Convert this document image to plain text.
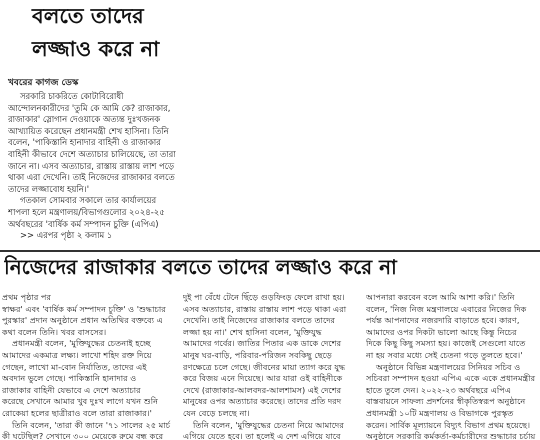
বলতে তাদের
লজ্জাও করে না
খবরের কাগজ ডেস্ক
সরকারি চাকরিতে কোটাবিরোধী
আন্দোলনকারীদের 'তুমি কে আমি কে? রাজাকার,
রাজাকার' স্লোগান দেওয়াকে অত্যন্ত দুঃখজনক
আখ্যায়িত করেছেন প্রধানমন্ত্রী শেখ হাসিনা। তিনি
বলেন, 'পাকিস্তানি হানাদার বাহিনী ও রাজাকার
বাহিনী কীভাবে দেশে অত্যাচার চালিয়েছে, তা তারা
জানে না। এসব অত্যাচার, রাস্তায় রাস্তায় লাশ পড়ে
থাকা এরা দেখেনি। তাই নিজেদের রাজাকার বলতে
তাদের লজ্জাবোধ হয়নি।'
গতকাল সোমবার সকালে তার কার্যালয়ের
শাপলা হলে মন্ত্রণালয়/বিভাগগুলোর ২০২৪-২৫
অর্থবছরের 'বার্ষিক কর্ম সম্পাদন চুক্তি (এপিএ)
>> এরপর পৃষ্ঠা ২ কলাম ১
নিজেদের রাজাকার বলতে তাদের লজ্জাও করে না
প্রথম পৃষ্ঠার পর
স্বাক্ষর' এবং 'বার্ষিক কর্ম সম্পাদন চুক্তি' ও 'শুদ্ধাচার
পুরস্কার' প্রদান অনুষ্ঠানে প্রধান অতিথির বক্তব্যে এ
কথা বলেন তিনি। খবর বাসসের।
প্রধানমন্ত্রী বলেন, 'মুক্তিযুদ্ধের চেতনাই হচ্ছে
আমাদের একমাত্র লক্ষ্য। লাখো শহিদ রক্ত দিয়ে
গেছেন, লাখো মা-বোন নির্যাতিত, তাদের এই
অবদান ভুলে গেছে। পাকিস্তানি হানাদার ও
রাজাকার বাহিনী যেভাবে এ দেশে অত্যাচার
করেছে সেখানে আমার খুব দুঃখ লাগে যখন শুনি
রোকেয়া হলের ছাত্রীরাও বলে তারা রাজাকার।'
তিনি বলেন, 'তারা কী জানে '৭১ সালের ২৫ মার্চ
কী ঘটেছিল? সেখানে ৩০০ মেয়েকে রুমে বন্ধ করে
দুই পা বেঁধে টেনে ছিঁড়ে গুড়ফিংড় ফেলে রাখা হয়।
এসব অত্যাচার, রাস্তায় রাস্তায় লাশ পড়ে থাকা এরা
দেখেনি। তাই নিজেদের রাজাকার বলতে তাদের
লজ্জা হয় না।' শেখ হাসিনা বলেন, 'মুক্তিযুদ্ধ
আমাদের গর্বের। জাতির পিতার এক ডাকে দেশের
মানুষ ঘর-বাড়ি, পরিবার-পরিজন সবকিছু ছেড়ে
রণক্ষেত্রে চলে গেছে। জীবনের মায়া ত্যাগ করে যুদ্ধ
করে বিজয় এনে দিয়েছে। আর যারা ওই বাহিনীকে
দেখে (রাজাকার-আলবদর-আলশামস) এই দেশের
মানুষের ওপর অত্যাচার করেছে। তাদের প্রতি দরদ
যেন বেড়ে চলছে না।
তিনি বলেন, 'মুক্তিযুদ্ধের চেতনা নিয়ে আমাদের
এগিয়ে যেতে হবে। তা হলেই এ দেশ এগিয়ে যাবে
আপনারা করবেন বলে আমি আশা করি।' তিনি
বলেন, 'নিজ নিজ মন্ত্রণালয়ে এবারের নিজের দিক
পর্যন্ত আপনাদের নজরদারি বাড়াতে হবে। কারণ,
আমাদের ওপর দিকটা ভালো আছে কিন্তু নিচের
দিকে কিছু কিছু সমস্যা হয়। কাজেই সেগুলো যাতে
না হয় সবার মধ্যে সেই চেতনা গড়ে তুলতে হবে।'
অনুষ্ঠানে বিভিন্ন মন্ত্রণালয়ের সিনিয়র সচিব ও
সচিবরা সম্পাদন হওয়া এপিএ একে একে প্রধানমন্ত্রীর
হাতে তুলে দেন। ২০২২-২৩ অর্থবছরে এপিএ
বাস্তবায়নে সাফল্য প্রদর্শনের স্বীকৃতিস্বরূপ অনুষ্ঠানে
প্রধানমন্ত্রী ১০টি মন্ত্রণালয় ও বিভাগকে পুরস্কৃত
করেন। সার্বিক মূল্যায়নে বিদ্যুৎ বিভাগ প্রথম হয়েছে।
অনুষ্ঠানে সরকারি কর্মকর্তা-কর্মচারীদের শুদ্ধাচার চর্চায়
